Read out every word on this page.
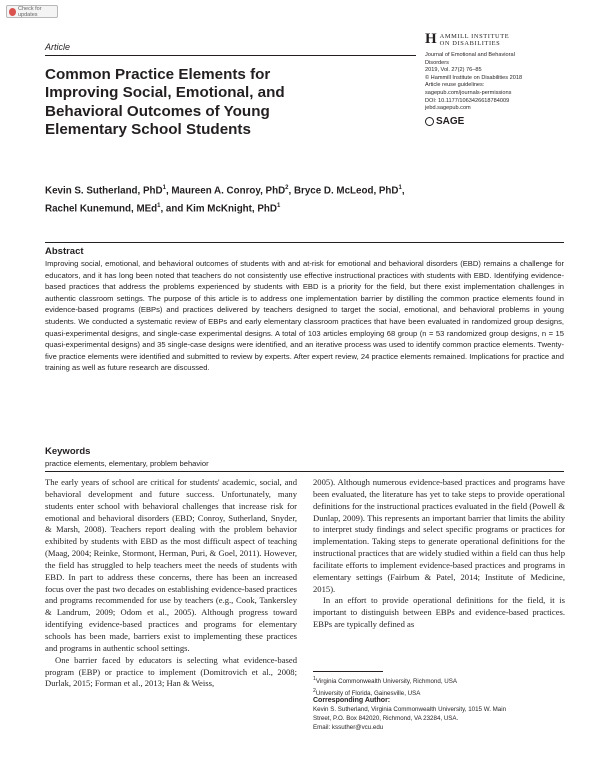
Check for updates
Article	H AMMILL INSTITUTE
ON DISABILITIES
Journal of Emotional and Behavioral
Disorders
2019, Vol. 27(2) 76–85
© Hammill Institute on Disabilities 2018
Article reuse guidelines:
sagepub.com/journals-permissions
DOI: 10.1177/1063426618784009
jebd.sagepub.com
SAGE
Common Practice Elements for Improving Social, Emotional, and Behavioral Outcomes of Young Elementary School Students
Kevin S. Sutherland, PhD$^1$, Maureen A. Conroy, PhD$^2$, Bryce D. McLeod, PhD$^1$,
Rachel Kunemund, MEd$^1$, and Kim McKnight, PhD$^1$
Abstract

Improving social, emotional, and behavioral outcomes of students with and at-risk for emotional and behavioral disorders (EBD) remains a challenge for educators, and it has long been noted that teachers do not consistently use effective instructional practices with students with EBD. Identifying evidence-based practices that address the problems experienced by students with EBD is a priority for the field, but there exist implementation challenges in authentic classroom settings. The purpose of this article is to address one implementation barrier by distilling the common practice elements found in evidence-based programs (EBPs) and practices delivered by teachers designed to target the social, emotional, and behavioral problems in young students. We conducted a systematic review of EBPs and early elementary classroom practices that have been evaluated in randomized group designs, quasi-experimental designs, and single-case experimental designs. A total of 103 articles employing 68 group (n = 53 randomized group designs, n = 15 quasi-experimental designs) and 35 single-case designs were identified, and an iterative process was used to identify common practice elements. Twenty-five practice elements were identified and submitted to review by experts. After expert review, 24 practice elements remained. Implications for practice and training as well as future research are discussed.

Keywords

practice elements, elementary, problem behavior

The early years of school are critical for students' academic, social, and behavioral development and future success. Unfortunately, many students enter school with behavioral challenges that increase risk for emotional and behavioral disorders (EBD; Conroy, Sutherland, Snyder, & Marsh, 2008). Teachers report dealing with the problem behavior exhibited by students with EBD as the most difficult aspect of teaching (Maag, 2004; Reinke, Stormont, Herman, Puri, & Goel, 2011). However, the field has struggled to help teachers meet the needs of students with EBD. In part to address these concerns, there has been an increased focus over the past two decades on establishing evidence-based practices and programs recommended for use by teachers (e.g., Cook, Tankersley & Landrum, 2009; Odom et al., 2005). Although progress toward identifying evidence-based practices and programs for elementary schools has been made, barriers exist to implementing these practices and programs in authentic school settings.

One barrier faced by educators is selecting what evidence-based program (EBP) or practice to implement (Domitrovich et al., 2008; Durlak, 2015; Forman et al., 2013; Han & Weiss,

2005). Although numerous evidence-based practices and programs have been evaluated, the literature has yet to take steps to provide operational definitions for the instructional practices evaluated in the field (Powell & Dunlap, 2009). This represents an important barrier that limits the ability to interpret study findings and select specific programs or practices for implementation. Taking steps to generate operational definitions for the instructional practices that are widely studied within a field can thus help facilitate efforts to implement evidence-based practices and programs in elementary settings (Fairbum & Patel, 2014; Institute of Medicine, 2015).

In an effort to provide operational definitions for the field, it is important to distinguish between EBPs and evidence-based practices. EBPs are typically defined as

$^1$Virginia Commonwealth University, Richmond, USA
$^2$University of Florida, Gainesville, USA
Corresponding Author:
Kevin S. Sutherland, Virginia Commonwealth University, 1015 W. Main
Street, P.O. Box 842020, Richmond, VA 23284, USA.
Email: kssuther@vcu.edu
